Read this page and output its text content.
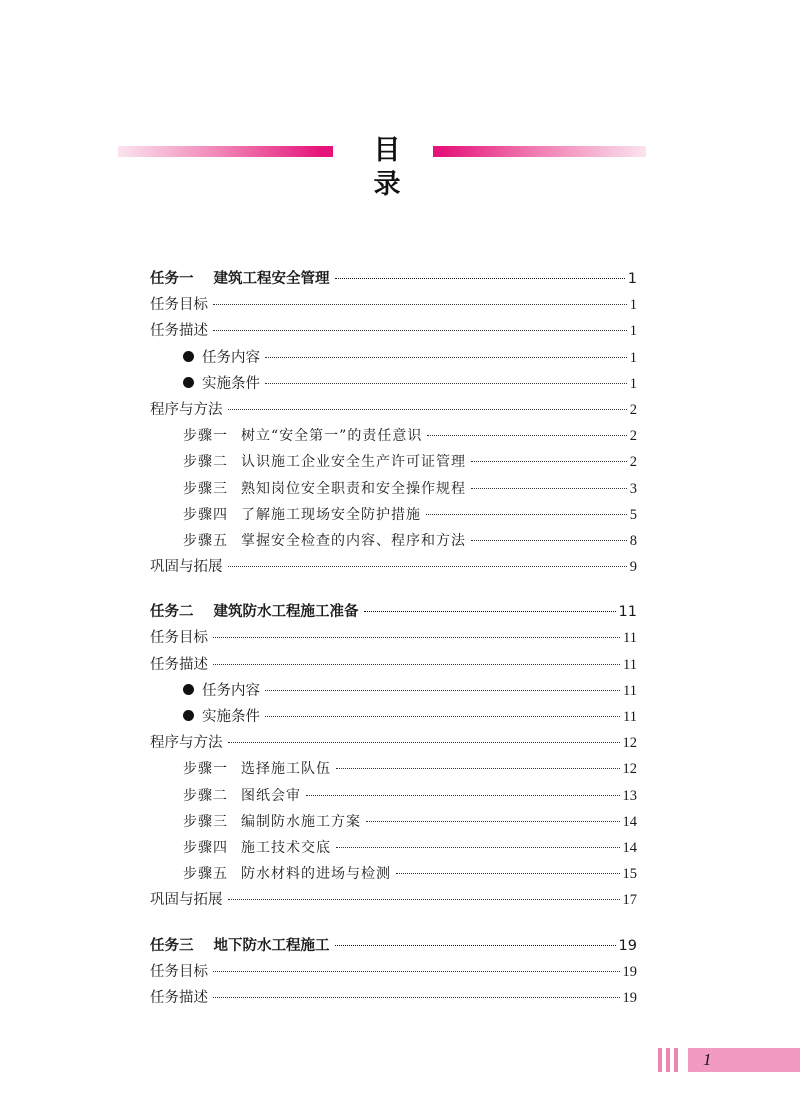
目录
任务一 建筑工程安全管理	1
任务目标	1
任务描述	1
任务内容	1
实施条件	1
程序与方法	2
步骤一 树立“安全第一”的责任意识	2
步骤二 认识施工企业安全生产许可证管理	2
步骤三 熟知岗位安全职责和安全操作规程	3
步骤四 了解施工现场安全防护措施	5
步骤五 掌握安全检查的内容、程序和方法	8
巩固与拓展	9
任务二 建筑防水工程施工准备	11
任务目标	11
任务描述	11
任务内容	11
实施条件	11
程序与方法	12
步骤一 选择施工队伍	12
步骤二 图纸会审	13
步骤三 编制防水施工方案	14
步骤四 施工技术交底	14
步骤五 防水材料的进场与检测	15
巩固与拓展	17
任务三 地下防水工程施工	19
任务目标	19
任务描述	19
1
